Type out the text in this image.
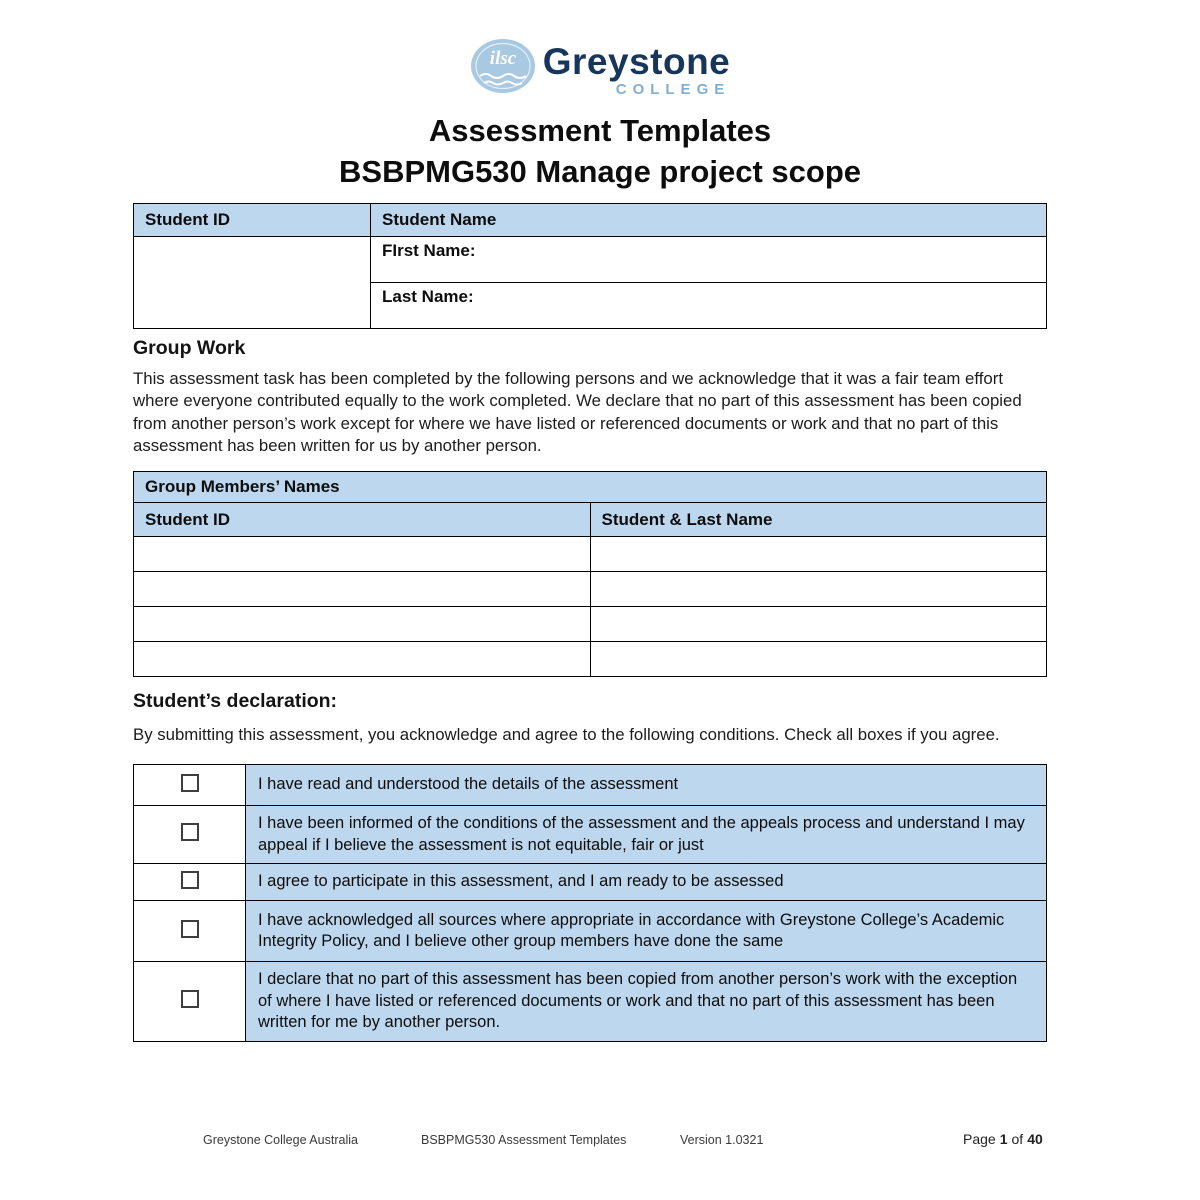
ilsc Greystone
COLLEGE
Assessment Templates
BSBPMG530 Manage project scope
Student ID	Student Name
	FIrst Name:
	Last Name:
Group Work
This assessment task has been completed by the following persons and we acknowledge that it was a fair team effort where everyone contributed equally to the work completed. We declare that no part of this assessment has been copied from another person’s work except for where we have listed or referenced documents or work and that no part of this assessment has been written for us by another person.
Group Members’ Names	
Student ID	Student & Last Name

Student’s declaration:
By submitting this assessment, you acknowledge and agree to the following conditions. Check all boxes if you agree.
	I have read and understood the details of the assessment
	I have been informed of the conditions of the assessment and the appeals process and understand I may appeal if I believe the assessment is not equitable, fair or just
	I agree to participate in this assessment, and I am ready to be assessed
	I have acknowledged all sources where appropriate in accordance with Greystone College’s Academic Integrity Policy, and I believe other group members have done the same
	I declare that no part of this assessment has been copied from another person’s work with the exception of where I have listed or referenced documents or work and that no part of this assessment has been written for me by another person.
Greystone College Australia	BSBPMG530 Assessment Templates	Version 1.0321	Page 1 of 40
